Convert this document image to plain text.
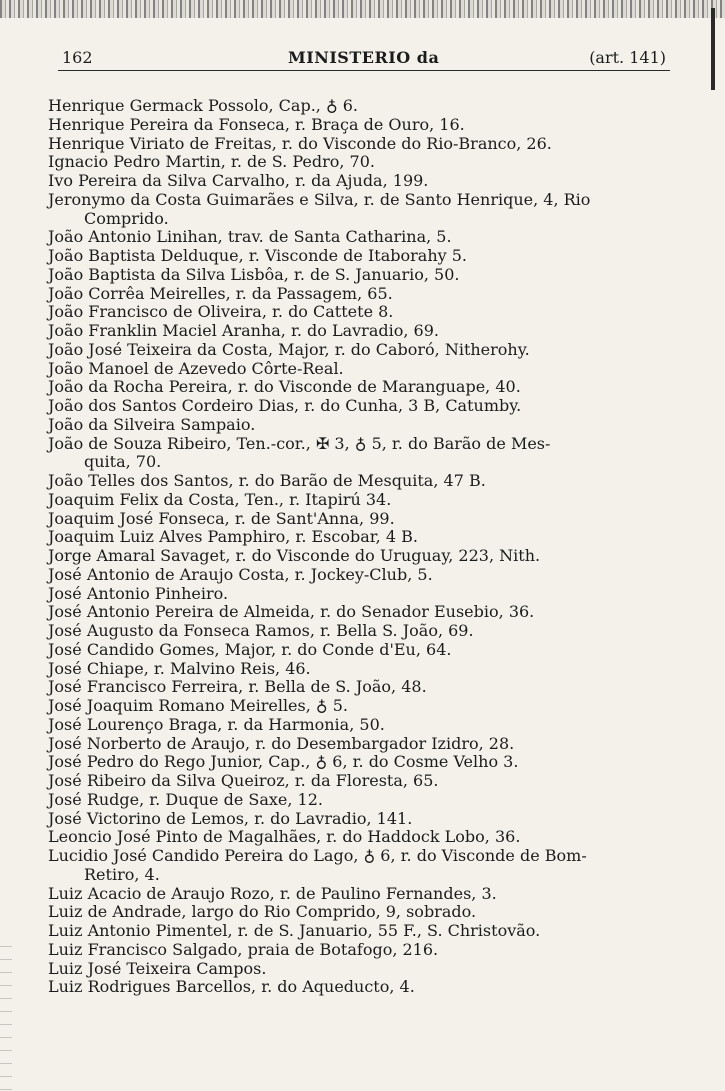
162	MINISTERIO da	(art. 141)
Henrique Germack Possolo, Cap., ♁ 6.
Henrique Pereira da Fonseca, r. Braça de Ouro, 16.
Henrique Viriato de Freitas, r. do Visconde do Rio-Branco, 26.
Ignacio Pedro Martin, r. de S. Pedro, 70.
Ivo Pereira da Silva Carvalho, r. da Ajuda, 199.
Jeronymo da Costa Guimarães e Silva, r. de Santo Henrique, 4, Rio
Comprido.
João Antonio Linihan, trav. de Santa Catharina, 5.
João Baptista Delduque, r. Visconde de Itaborahy 5.
João Baptista da Silva Lisbôa, r. de S. Januario, 50.
João Corrêa Meirelles, r. da Passagem, 65.
João Francisco de Oliveira, r. do Cattete 8.
João Franklin Maciel Aranha, r. do Lavradio, 69.
João José Teixeira da Costa, Major, r. do Caboró, Nitherohy.
João Manoel de Azevedo Côrte-Real.
João da Rocha Pereira, r. do Visconde de Maranguape, 40.
João dos Santos Cordeiro Dias, r. do Cunha, 3 B, Catumby.
João da Silveira Sampaio.
João de Souza Ribeiro, Ten.-cor., ✠ 3, ♁ 5, r. do Barão de Mes-
quita, 70.
João Telles dos Santos, r. do Barão de Mesquita, 47 B.
Joaquim Felix da Costa, Ten., r. Itapirú 34.
Joaquim José Fonseca, r. de Sant'Anna, 99.
Joaquim Luiz Alves Pamphiro, r. Escobar, 4 B.
Jorge Amaral Savaget, r. do Visconde do Uruguay, 223, Nith.
José Antonio de Araujo Costa, r. Jockey-Club, 5.
José Antonio Pinheiro.
José Antonio Pereira de Almeida, r. do Senador Eusebio, 36.
José Augusto da Fonseca Ramos, r. Bella S. João, 69.
José Candido Gomes, Major, r. do Conde d'Eu, 64.
José Chiape, r. Malvino Reis, 46.
José Francisco Ferreira, r. Bella de S. João, 48.
José Joaquim Romano Meirelles, ♁ 5.
José Lourenço Braga, r. da Harmonia, 50.
José Norberto de Araujo, r. do Desembargador Izidro, 28.
José Pedro do Rego Junior, Cap., ♁ 6, r. do Cosme Velho 3.
José Ribeiro da Silva Queiroz, r. da Floresta, 65.
José Rudge, r. Duque de Saxe, 12.
José Victorino de Lemos, r. do Lavradio, 141.
Leoncio José Pinto de Magalhães, r. do Haddock Lobo, 36.
Lucidio José Candido Pereira do Lago, ♁ 6, r. do Visconde de Bom-
Retiro, 4.
Luiz Acacio de Araujo Rozo, r. de Paulino Fernandes, 3.
Luiz de Andrade, largo do Rio Comprido, 9, sobrado.
Luiz Antonio Pimentel, r. de S. Januario, 55 F., S. Christovão.
Luiz Francisco Salgado, praia de Botafogo, 216.
Luiz José Teixeira Campos.
Luiz Rodrigues Barcellos, r. do Aqueducto, 4.
